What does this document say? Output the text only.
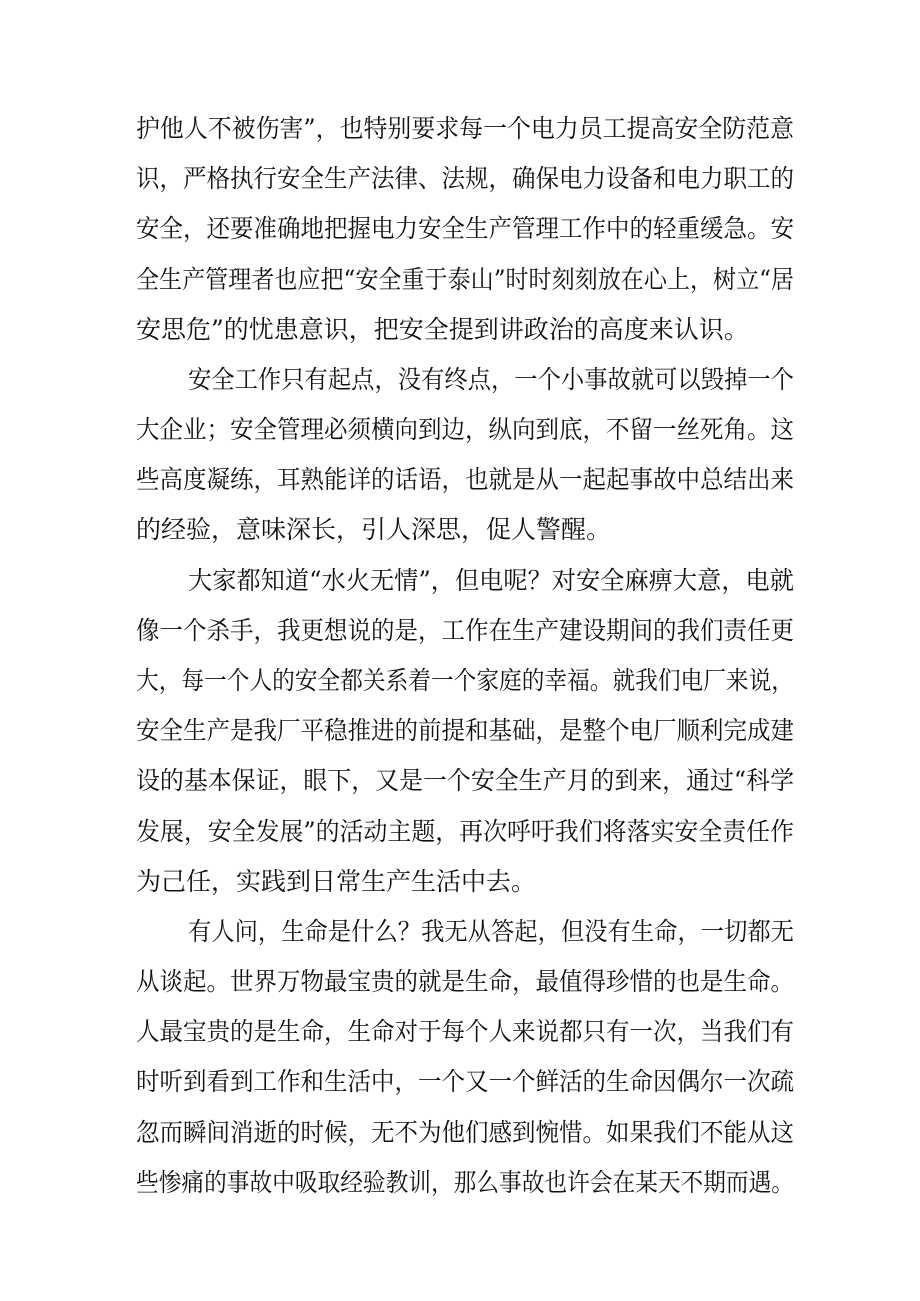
护他人不被伤害”，也特别要求每一个电力员工提高安全防范意
识，严格执行安全生产法律、法规，确保电力设备和电力职工的
安全，还要准确地把握电力安全生产管理工作中的轻重缓急。安
全生产管理者也应把“安全重于泰山”时时刻刻放在心上，树立“居
安思危”的忧患意识，把安全提到讲政治的高度来认识。
安全工作只有起点，没有终点，一个小事故就可以毁掉一个
大企业；安全管理必须横向到边，纵向到底，不留一丝死角。这
些高度凝练，耳熟能详的话语，也就是从一起起事故中总结出来
的经验，意味深长，引人深思，促人警醒。
大家都知道“水火无情”，但电呢？对安全麻痹大意，电就
像一个杀手，我更想说的是，工作在生产建设期间的我们责任更
大，每一个人的安全都关系着一个家庭的幸福。就我们电厂来说，
安全生产是我厂平稳推进的前提和基础，是整个电厂顺利完成建
设的基本保证，眼下，又是一个安全生产月的到来，通过“科学
发展，安全发展”的活动主题，再次呼吁我们将落实安全责任作
为己任，实践到日常生产生活中去。
有人问，生命是什么？我无从答起，但没有生命，一切都无
从谈起。世界万物最宝贵的就是生命，最值得珍惜的也是生命。
人最宝贵的是生命，生命对于每个人来说都只有一次，当我们有
时听到看到工作和生活中，一个又一个鲜活的生命因偶尔一次疏
忽而瞬间消逝的时候，无不为他们感到惋惜。如果我们不能从这
些惨痛的事故中吸取经验教训，那么事故也许会在某天不期而遇。
